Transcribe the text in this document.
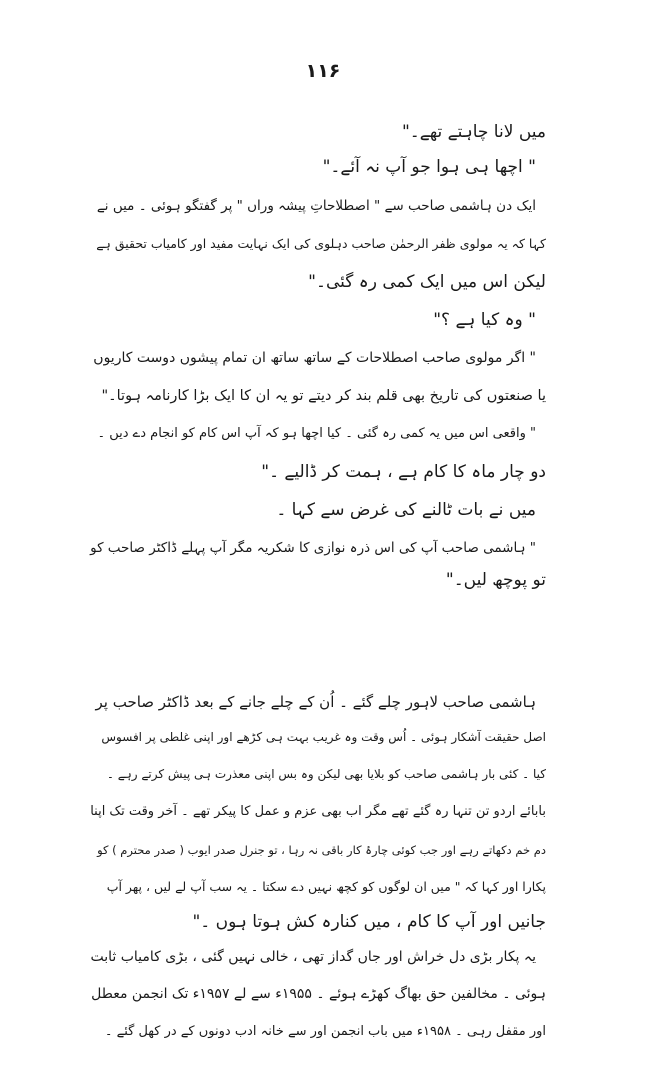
۱۱۶
میں لانا چاہتے تھے۔"
" اچھا ہی ہوا جو آپ نہ آئے۔"
ایک دن ہاشمی صاحب سے " اصطلاحاتِ پیشہ وراں " پر گفتگو ہوئی ۔ میں نے
کہا کہ یہ مولوی ظفر الرحمٰن صاحب دہلوی کی ایک نہایت مفید اور کامیاب تحقیق ہے
لیکن اس میں ایک کمی رہ گئی۔"
" وہ کیا ہے ؟"
" اگر مولوی صاحب اصطلاحات کے ساتھ ساتھ ان تمام پیشوں دوست کاریوں
یا صنعتوں کی تاریخ بھی قلم بند کر دیتے تو یہ ان کا ایک بڑا کارنامہ ہوتا۔"
" واقعی اس میں یہ کمی رہ گئی ۔ کیا اچھا ہو کہ آپ اس کام کو انجام دے دیں ۔
دو چار ماہ کا کام ہے ، ہمت کر ڈالیے ۔"
میں نے بات ٹالنے کی غرض سے کہا ۔
" ہاشمی صاحب آپ کی اس ذرہ نوازی کا شکریہ مگر آپ پہلے ڈاکٹر صاحب کو
تو پوچھ لیں۔"
ہاشمی صاحب لاہور چلے گئے ۔ اُن کے چلے جانے کے بعد ڈاکٹر صاحب پر
اصل حقیقت آشکار ہوئی ۔ اُس وقت وہ غریب بہت ہی کڑھے اور اپنی غلطی پر افسوس
کیا ۔ کئی بار ہاشمی صاحب کو بلایا بھی لیکن وہ بس اپنی معذرت ہی پیش کرتے رہے ۔
بابائے اردو تن تنہا رہ گئے تھے مگر اب بھی عزم و عمل کا پیکر تھے ۔ آخر وقت تک اپنا
دم خم دکھاتے رہے اور جب کوئی چارۂ کار باقی نہ رہا ، تو جنرل صدر ایوب ( صدر محترم ) کو
پکارا اور کہا کہ " میں ان لوگوں کو کچھ نہیں دے سکتا ۔ یہ سب آپ لے لیں ، پھر آپ
جانیں اور آپ کا کام ، میں کنارہ کش ہوتا ہوں ۔"
یہ پکار بڑی دل خراش اور جاں گداز تھی ، خالی نہیں گئی ، بڑی کامیاب ثابت
ہوئی ۔ مخالفین حق بھاگ کھڑے ہوئے ۔ ۱۹۵۵ء سے لے ۱۹۵۷ء تک انجمن معطل
اور مقفل رہی ۔ ۱۹۵۸ء میں باب انجمن اور سے خانہ ادب دونوں کے در کھل گئے ۔
